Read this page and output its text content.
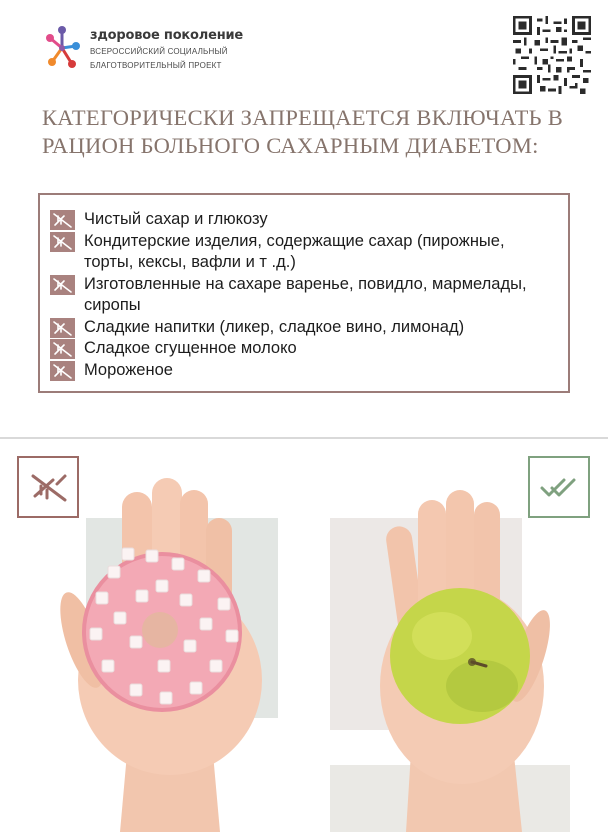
здоровое поколение
ВСЕРОССИЙСКИЙ СОЦИАЛЬНЫЙ
БЛАГОТВОРИТЕЛЬНЫЙ ПРОЕКТ
КАТЕГОРИЧЕСКИ ЗАПРЕЩАЕТСЯ ВКЛЮЧАТЬ В
РАЦИОН БОЛЬНОГО САХАРНЫМ ДИАБЕТОМ:
Чистый сахар и глюкозу
Кондитерские изделия, содержащие сахар (пирожные,
торты, кексы, вафли и т .д.)
Изготовленные на сахаре варенье, повидло, мармелады,
сиропы
Сладкие напитки (ликер, сладкое вино, лимонад)
Сладкое сгущенное молоко
Мороженое
